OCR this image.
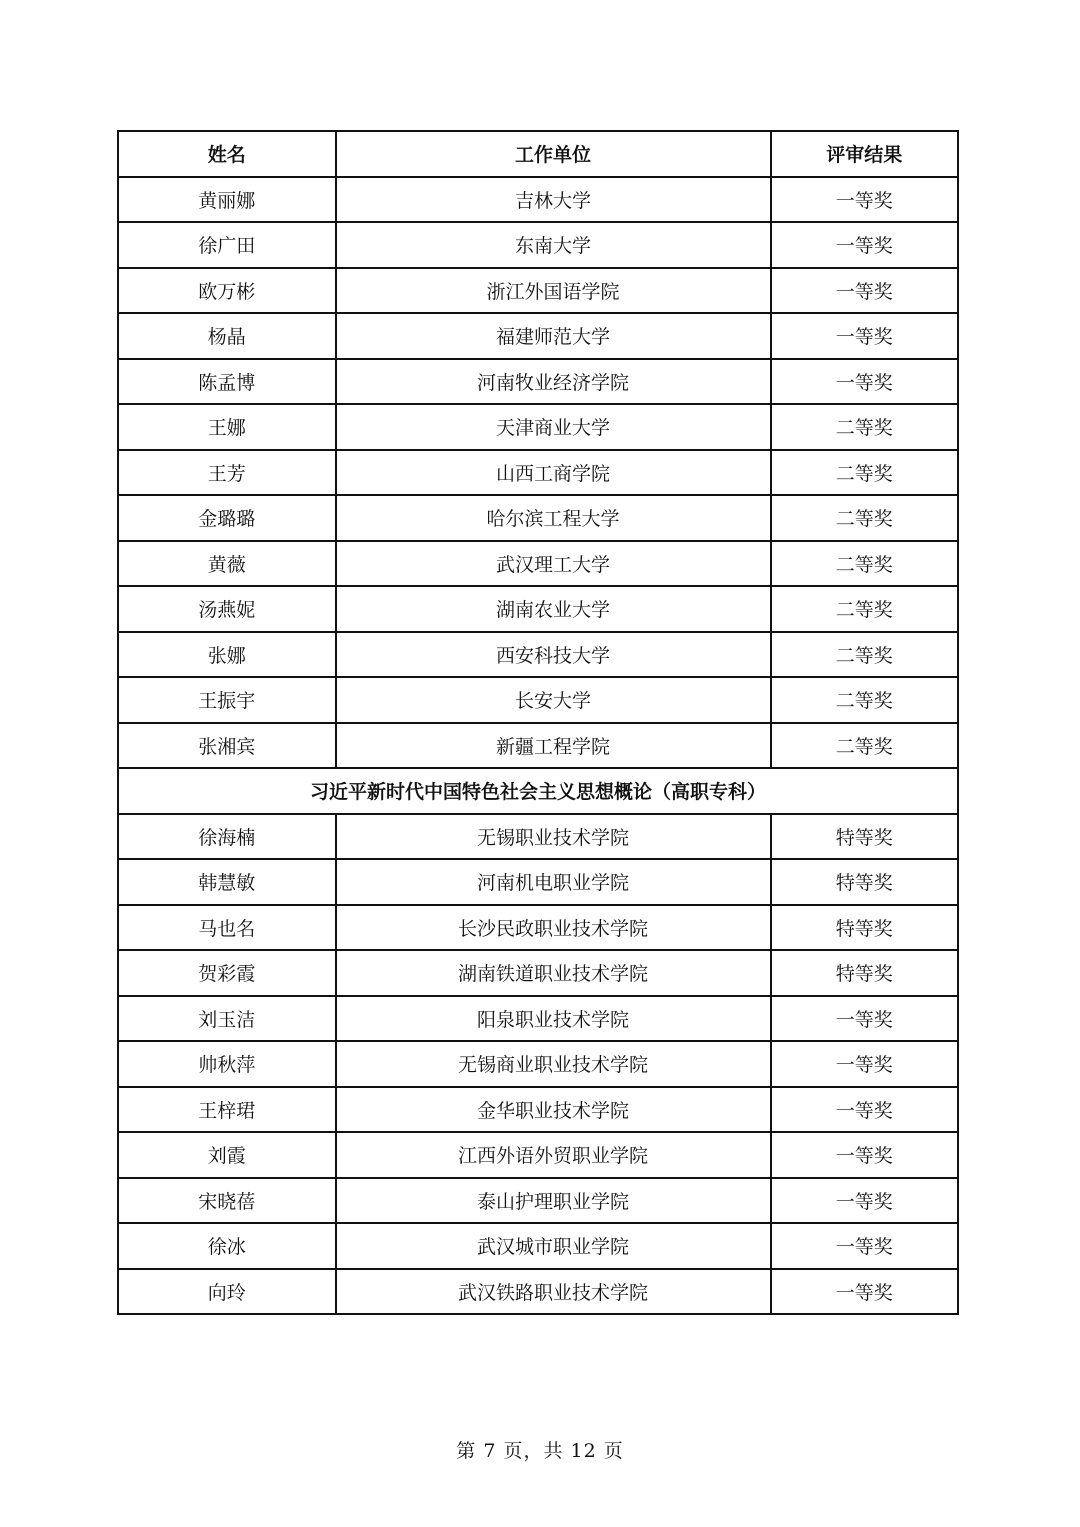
姓名	工作单位	评审结果
黄丽娜	吉林大学	一等奖
徐广田	东南大学	一等奖
欧万彬	浙江外国语学院	一等奖
杨晶	福建师范大学	一等奖
陈孟博	河南牧业经济学院	一等奖
王娜	天津商业大学	二等奖
王芳	山西工商学院	二等奖
金璐璐	哈尔滨工程大学	二等奖
黄薇	武汉理工大学	二等奖
汤燕妮	湖南农业大学	二等奖
张娜	西安科技大学	二等奖
王振宇	长安大学	二等奖
张湘宾	新疆工程学院	二等奖
习近平新时代中国特色社会主义思想概论（高职专科）		
徐海楠	无锡职业技术学院	特等奖
韩慧敏	河南机电职业学院	特等奖
马也名	长沙民政职业技术学院	特等奖
贺彩霞	湖南铁道职业技术学院	特等奖
刘玉洁	阳泉职业技术学院	一等奖
帅秋萍	无锡商业职业技术学院	一等奖
王梓珺	金华职业技术学院	一等奖
刘霞	江西外语外贸职业学院	一等奖
宋晓蓓	泰山护理职业学院	一等奖
徐冰	武汉城市职业学院	一等奖
向玲	武汉铁路职业技术学院	一等奖
第 7 页，共 12 页
